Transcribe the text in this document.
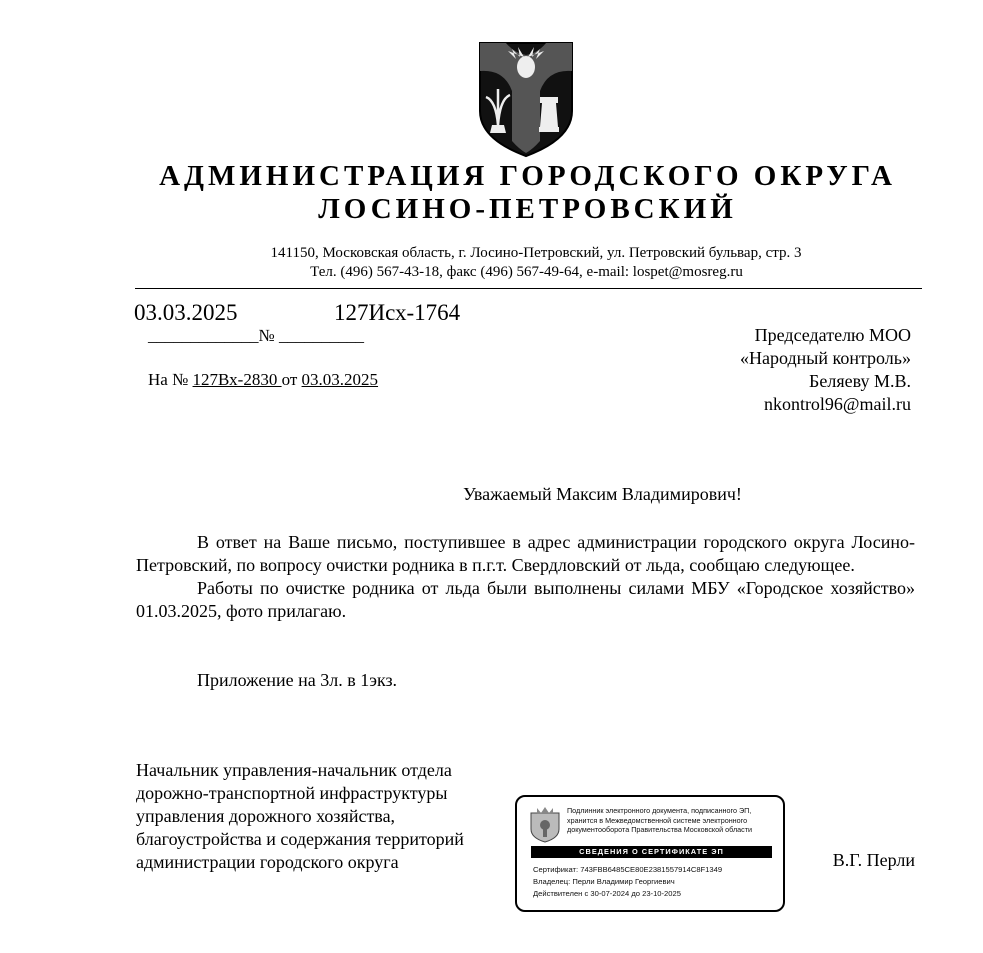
АДМИНИСТРАЦИЯ ГОРОДСКОГО ОКРУГА
ЛОСИНО-ПЕТРОВСКИЙ
141150, Московская область, г. Лосино-Петровский, ул. Петровский бульвар, стр. 3
Тел. (496) 567-43-18, факс (496) 567-49-64, e-mail: lospet@mosreg.ru
03.03.2025	127Исх-1764
_____________№ __________
На № 127Вх-2830 от 03.03.2025
Председателю МОО
«Народный контроль»
Беляеву М.В.
nkontrol96@mail.ru
Уважаемый Максим Владимирович!

В ответ на Ваше письмо, поступившее в адрес администрации городского округа Лосино-Петровский, по вопросу очистки родника в п.г.т. Свердловский от льда, сообщаю следующее.

Работы по очистке родника от льда были выполнены силами МБУ «Городское хозяйство» 01.03.2025, фото прилагаю.

Приложение на 3л. в 1экз.
Начальник управления-начальник отдела
дорожно-транспортной инфраструктуры
управления дорожного хозяйства,
благоустройства и содержания территорий
администрации городского округа	В.Г. Перли
Подлинник электронного документа, подписанного ЭП,
хранится в Межведомственной системе электронного
документооборота Правительства Московской области
СВЕДЕНИЯ О СЕРТИФИКАТЕ ЭП
Сертификат: 743FBB6485CE80E2381557914C8F1349
Владелец: Перли Владимир Георгиевич
Действителен с 30-07-2024 до 23-10-2025
